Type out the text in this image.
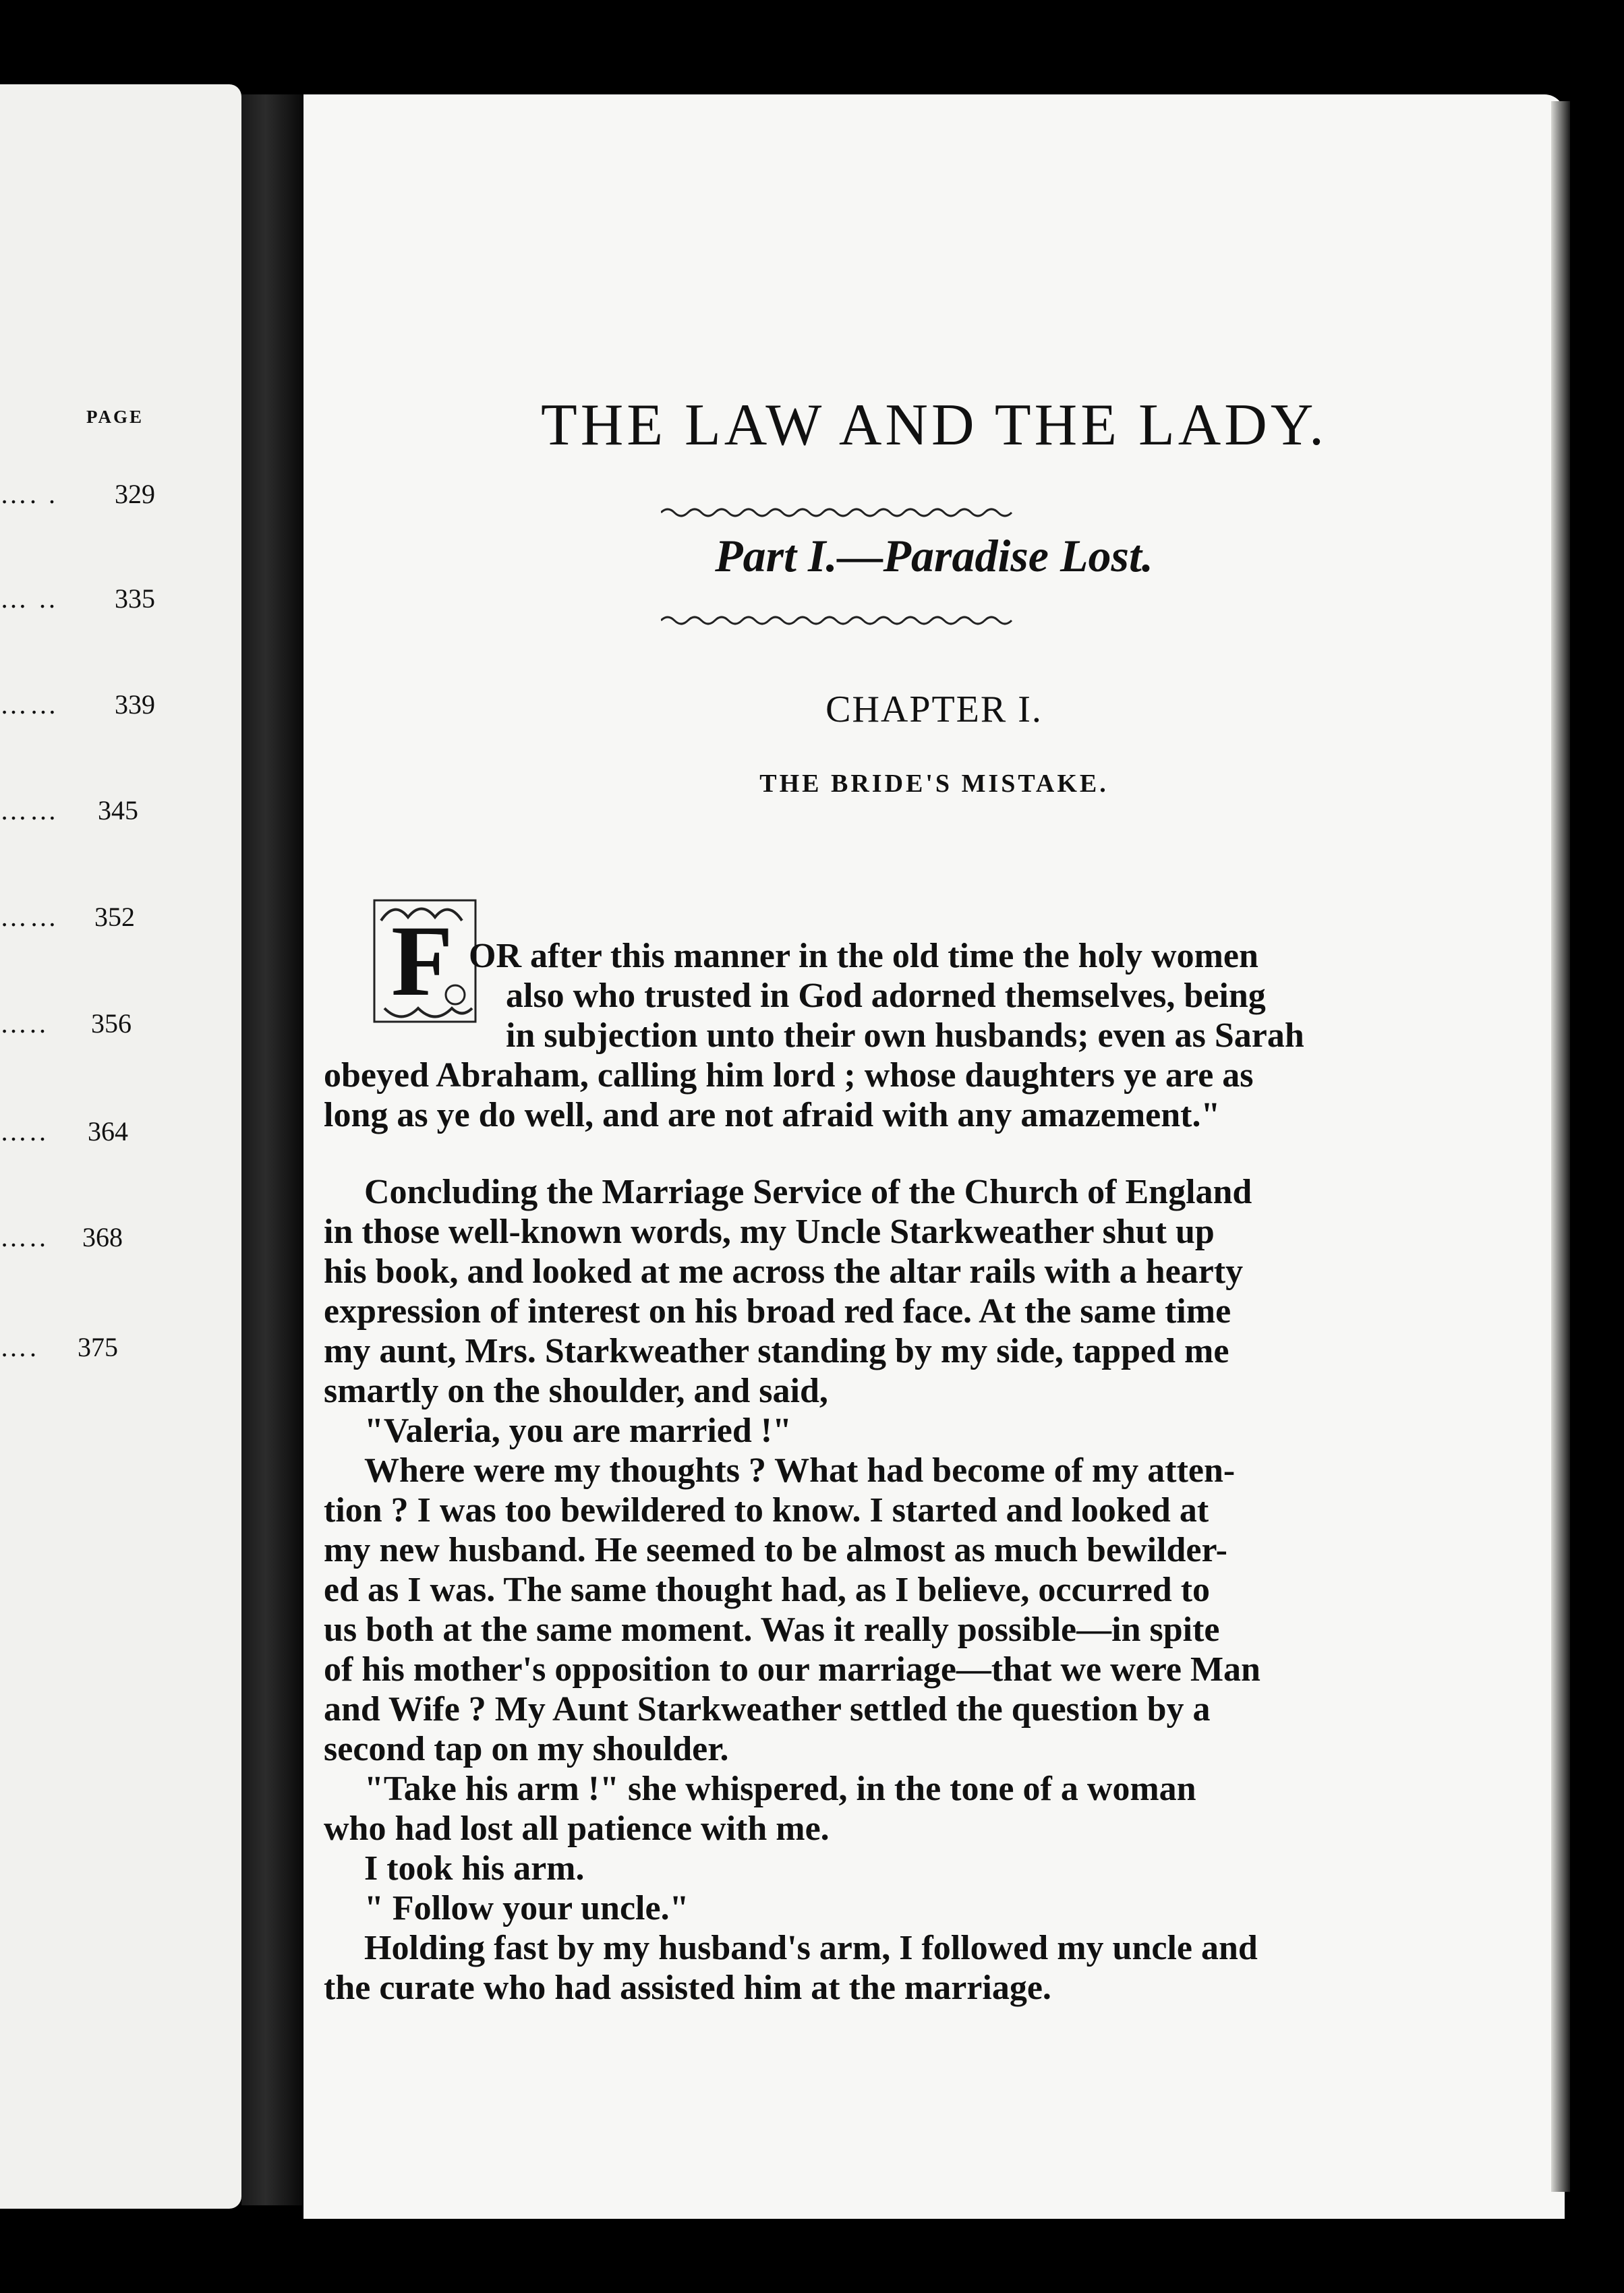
PAGE
…. . 329
… .. 335
…… 339
…… 345
…… 352
….. 356
….. 364
….. 368
…. 375
THE LAW AND THE LADY.
Part I.—Paradise Lost.
CHAPTER I.
THE BRIDE'S MISTAKE.
F OR after this manner in the old time the holy women
also who trusted in God adorned themselves, being
in subjection unto their own husbands; even as Sarah
obeyed Abraham, calling him lord ; whose daughters ye are as
long as ye do well, and are not afraid with any amazement."
Concluding the Marriage Service of the Church of England
in those well-known words, my Uncle Starkweather shut up
his book, and looked at me across the altar rails with a hearty
expression of interest on his broad red face. At the same time
my aunt, Mrs. Starkweather standing by my side, tapped me
smartly on the shoulder, and said,
"Valeria, you are married !"
Where were my thoughts ? What had become of my atten-
tion ? I was too bewildered to know. I started and looked at
my new husband. He seemed to be almost as much bewilder-
ed as I was. The same thought had, as I believe, occurred to
us both at the same moment. Was it really possible—in spite
of his mother's opposition to our marriage—that we were Man
and Wife ? My Aunt Starkweather settled the question by a
second tap on my shoulder.
"Take his arm !" she whispered, in the tone of a woman
who had lost all patience with me.
I took his arm.
" Follow your uncle."
Holding fast by my husband's arm, I followed my uncle and
the curate who had assisted him at the marriage.
